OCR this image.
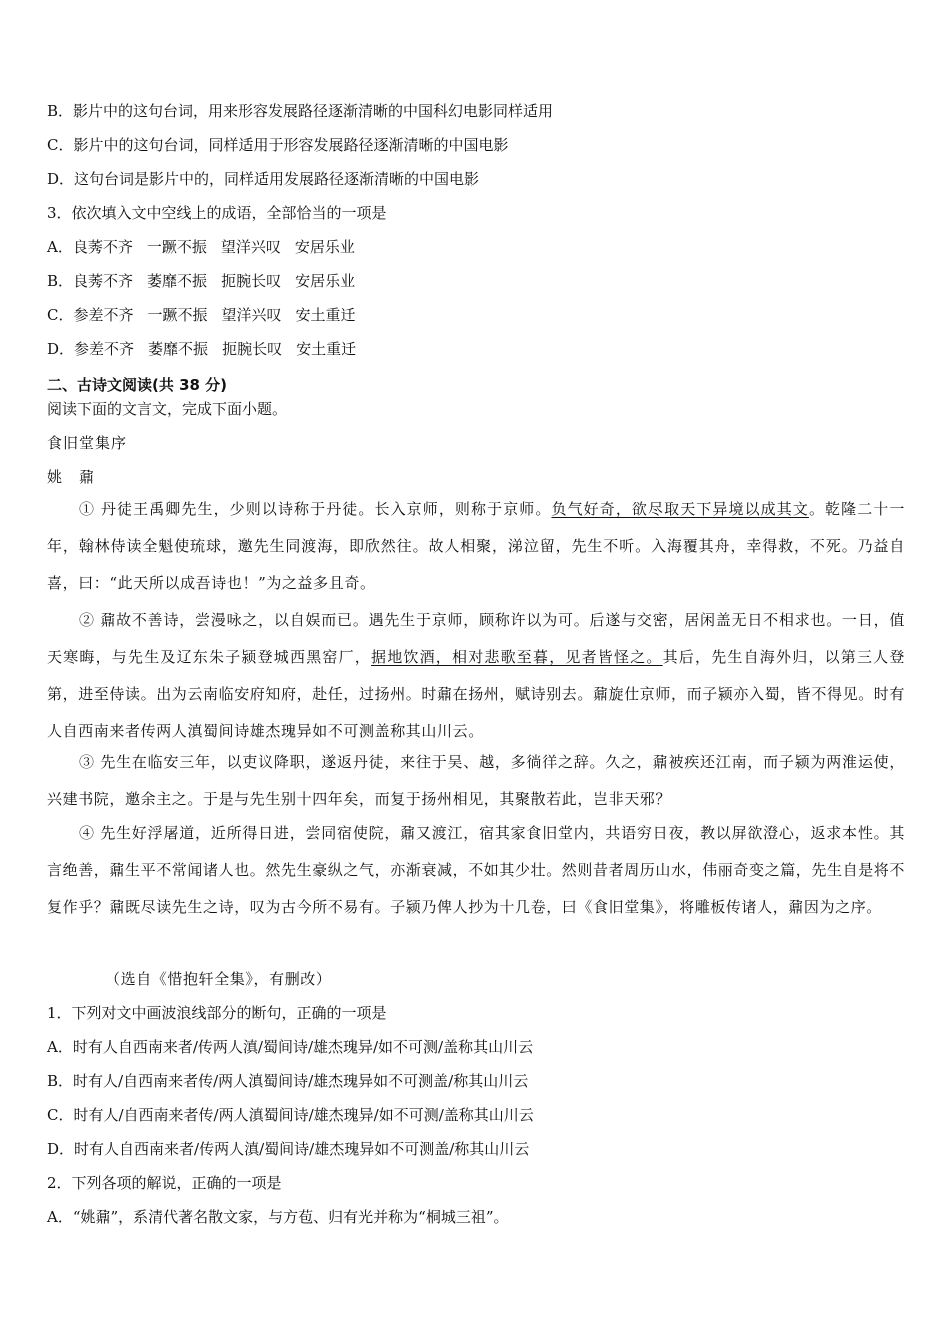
B．影片中的这句台词，用来形容发展路径逐渐清晰的中国科幻电影同样适用
C．影片中的这句台词，同样适用于形容发展路径逐渐清晰的中国电影
D．这句台词是影片中的，同样适用发展路径逐渐清晰的中国电影
3．依次填入文中空线上的成语，全部恰当的一项是
A．良莠不齐 一蹶不振 望洋兴叹 安居乐业
B．良莠不齐 萎靡不振 扼腕长叹 安居乐业
C．参差不齐 一蹶不振 望洋兴叹 安土重迁
D．参差不齐 萎靡不振 扼腕长叹 安土重迁
二、古诗文阅读(共 38 分)
阅读下面的文言文，完成下面小题。
食旧堂集序
姚　鼐
① 丹徒王禹卿先生，少则以诗称于丹徒。长入京师，则称于京师。负气好奇，欲尽取天下异境以成其文。乾隆二十一年，翰林侍读全魁使琉球，邀先生同渡海，即欣然往。故人相聚，涕泣留，先生不听。入海覆其舟，幸得救，不死。乃益自喜，曰：“此天所以成吾诗也！”为之益多且奇。
② 鼐故不善诗，尝漫咏之，以自娱而已。遇先生于京师，顾称许以为可。后遂与交密，居闲盖无日不相求也。一日，值天寒晦，与先生及辽东朱子颍登城西黑窑厂，据地饮酒，相对悲歌至暮，见者皆怪之。其后，先生自海外归，以第三人登第，进至侍读。出为云南临安府知府，赴任，过扬州。时鼐在扬州，赋诗别去。鼐旋仕京师，而子颍亦入蜀，皆不得见。时有人自西南来者传两人滇蜀间诗雄杰瑰异如不可测盖称其山川云。
③ 先生在临安三年，以吏议降职，遂返丹徒，来往于吴、越，多徜徉之辞。久之，鼐被疾还江南，而子颍为两淮运使，兴建书院，邀余主之。于是与先生别十四年矣，而复于扬州相见，其聚散若此，岂非天邪？
④ 先生好浮屠道，近所得日进，尝同宿使院，鼐又渡江，宿其家食旧堂内，共语穷日夜，教以屏欲澄心，返求本性。其言绝善，鼐生平不常闻诸人也。然先生豪纵之气，亦渐衰减，不如其少壮。然则昔者周历山水，伟丽奇变之篇，先生自是将不复作乎？鼐既尽读先生之诗，叹为古今所不易有。子颍乃俾人抄为十几卷，曰《食旧堂集》，将雕板传诸人，鼐因为之序。
（选自《惜抱轩全集》，有删改）
1．下列对文中画波浪线部分的断句，正确的一项是
A．时有人自西南来者/传两人滇/蜀间诗/雄杰瑰异/如不可测/盖称其山川云
B．时有人/自西南来者传/两人滇蜀间诗/雄杰瑰异如不可测盖/称其山川云
C．时有人/自西南来者传/两人滇蜀间诗/雄杰瑰异/如不可测/盖称其山川云
D．时有人自西南来者/传两人滇/蜀间诗/雄杰瑰异如不可测盖/称其山川云
2．下列各项的解说，正确的一项是
A．“姚鼐”，系清代著名散文家，与方苞、归有光并称为“桐城三祖”。
